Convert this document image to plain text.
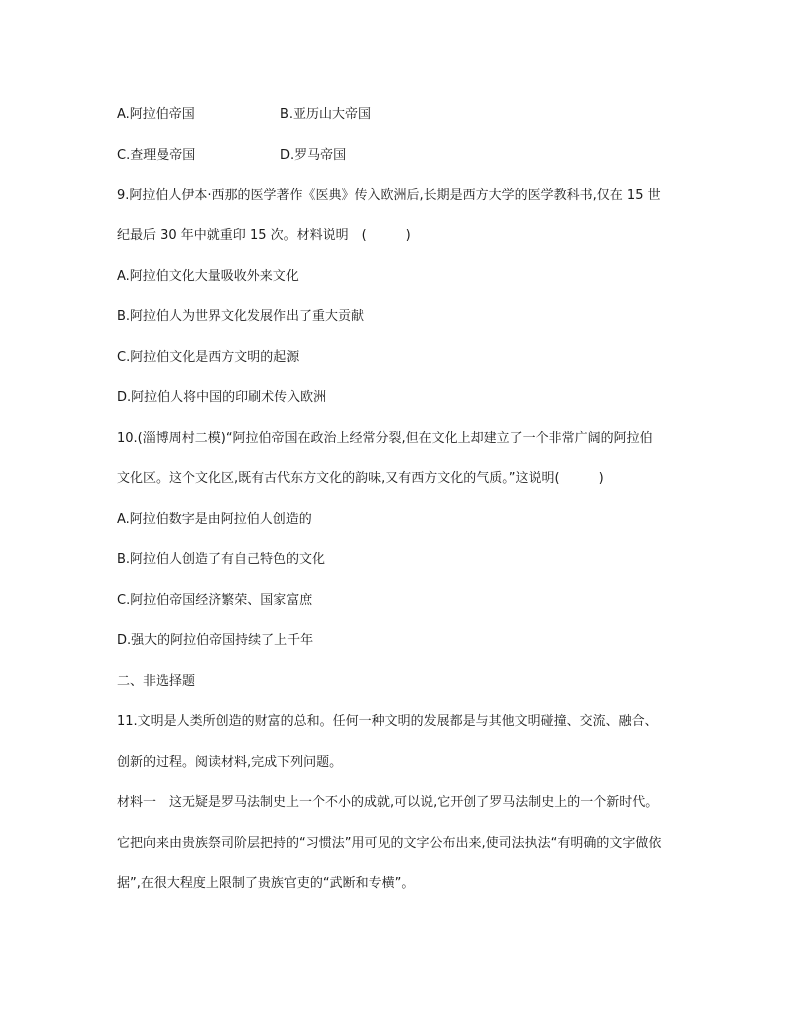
A.阿拉伯帝国	B.亚历山大帝国
C.查理曼帝国	D.罗马帝国
9.阿拉伯人伊本·西那的医学著作《医典》传入欧洲后,长期是西方大学的医学教科书,仅在 15 世
纪最后 30 年中就重印 15 次。材料说明　(　　　)
A.阿拉伯文化大量吸收外来文化
B.阿拉伯人为世界文化发展作出了重大贡献
C.阿拉伯文化是西方文明的起源
D.阿拉伯人将中国的印刷术传入欧洲
10.(淄博周村二模)“阿拉伯帝国在政治上经常分裂,但在文化上却建立了一个非常广阔的阿拉伯
文化区。这个文化区,既有古代东方文化的韵味,又有西方文化的气质。”这说明(　　　)
A.阿拉伯数字是由阿拉伯人创造的
B.阿拉伯人创造了有自己特色的文化
C.阿拉伯帝国经济繁荣、国家富庶
D.强大的阿拉伯帝国持续了上千年
二、非选择题
11.文明是人类所创造的财富的总和。任何一种文明的发展都是与其他文明碰撞、交流、融合、
创新的过程。阅读材料,完成下列问题。
材料一　这无疑是罗马法制史上一个不小的成就,可以说,它开创了罗马法制史上的一个新时代。
它把向来由贵族祭司阶层把持的“习惯法”用可见的文字公布出来,使司法执法“有明确的文字做依
据”,在很大程度上限制了贵族官吏的“武断和专横”。
